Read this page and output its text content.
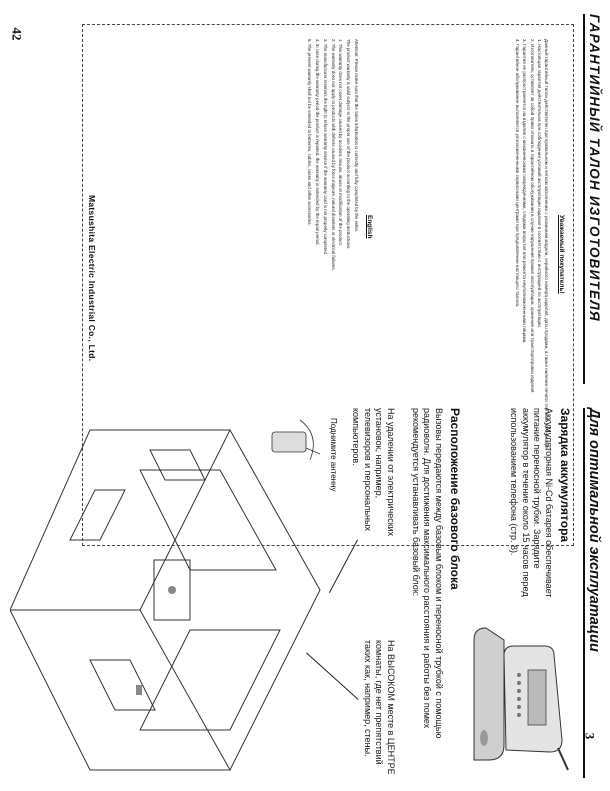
42
3
ГАРАНТИЙНЫЙ ТАЛОН ИЗГОТОВИТЕЛЯ
Уважаемый покупатель!

Данный гарантийный талон действителен при правильном и четком заполнении с указанием модели, серийного номера изделия, даты продажи, а также наличии печати торговой организации.

1. Настоящая гарантия действительна при соблюдении условий эксплуатации изделия в соответствии с инструкцией по эксплуатации.

2. Изготовитель оставляет за собой право отказать в гарантийном обслуживании в случае нарушения правил эксплуатации, хранения или транспортировки изделия.

3. Гарантия не распространяется на изделия с механическими повреждениями, следами вскрытия или ремонта неуполномоченными лицами.

4. Гарантийное обслуживание выполняется уполномоченными сервисными центрами при предъявлении настоящего талона.

English

Attention: Please make sure that the Sales information is correctly and fully completed by the seller.

The product warranty is valid subject to the proper use of the product according to the operating instructions.

1. This warranty does not cover damage caused by accident, misuse, abuse or modification of the product.

2. The warranty does not apply to products with defects caused by force majeure, natural disasters or electrical failures.

3. The manufacturer reserves the right to refuse warranty service if the warranty card is not properly completed.

4. In case during the warranty period the product is repaired, the warranty is extended by the repair period.

5. The present warranty shall not be extended to batteries, cables, cases and other accessories.

Matsushita Electric Industrial Co., Ltd.
Для оптимальной эксплуатации
Зарядка аккумулятора
Аккумуляторная Ni-Cd батарея обеспечивает питание переносной трубки. Зарядите аккумулятор в течение около 15 часов перед использованием телефона (стр. 8).
Расположение базового блока
Вызовы передаются между базовым блоком и переносной трубкой с помощью радиоволн. Для достижения максимального расстояния и работы без помех рекомендуется устанавливать базовый блок:
На удалении от электрических установок, например, телевизоров и персональных компьютеров.
На ВЫСОКОМ месте в ЦЕНТРЕ комнаты, где нет препятствий таких как, например, стены.
Поднимите антенну
